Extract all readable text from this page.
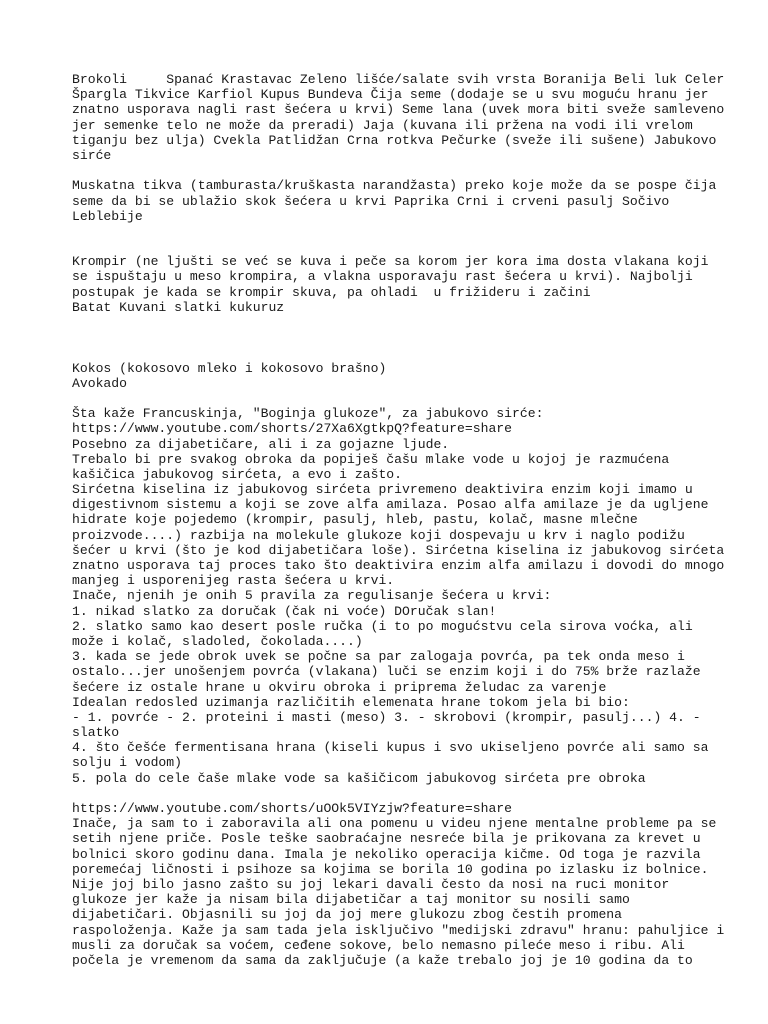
Brokoli     Spanać Krastavac Zeleno lišće/salate svih vrsta Boranija Beli luk Celer
Špargla Tikvice Karfiol Kupus Bundeva Čija seme (dodaje se u svu moguću hranu jer
znatno usporava nagli rast šećera u krvi) Seme lana (uvek mora biti sveže samleveno
jer semenke telo ne može da preradi) Jaja (kuvana ili pržena na vodi ili vrelom
tiganju bez ulja) Cvekla Patlidžan Crna rotkva Pečurke (sveže ili sušene) Jabukovo
sirće
Muskatna tikva (tamburasta/kruškasta narandžasta) preko koje može da se pospe čija
seme da bi se ublažio skok šećera u krvi Paprika Crni i crveni pasulj Sočivo
Leblebije
Krompir (ne ljušti se već se kuva i peče sa korom jer kora ima dosta vlakana koji
se ispuštaju u meso krompira, a vlakna usporavaju rast šećera u krvi). Najbolji
postupak je kada se krompir skuva, pa ohladi  u frižideru i začini
Batat Kuvani slatki kukuruz
Kokos (kokosovo mleko i kokosovo brašno)
Avokado
Šta kaže Francuskinja, "Boginja glukoze", za jabukovo sirće:
https://www.youtube.com/shorts/27Xa6XgtkpQ?feature=share
Posebno za dijabetičare, ali i za gojazne ljude.
Trebalo bi pre svakog obroka da popiješ čašu mlake vode u kojoj je razmućena
kašičica jabukovog sirćeta, a evo i zašto.
Sirćetna kiselina iz jabukovog sirćeta privremeno deaktivira enzim koji imamo u
digestivnom sistemu a koji se zove alfa amilaza. Posao alfa amilaze je da ugljene
hidrate koje pojedemo (krompir, pasulj, hleb, pastu, kolač, masne mlečne
proizvode....) razbija na molekule glukoze koji dospevaju u krv i naglo podižu
šećer u krvi (što je kod dijabetičara loše). Sirćetna kiselina iz jabukovog sirćeta
znatno usporava taj proces tako što deaktivira enzim alfa amilazu i dovodi do mnogo
manjeg i usporenijeg rasta šećera u krvi.
Inače, njenih je onih 5 pravila za regulisanje šećera u krvi:
1. nikad slatko za doručak (čak ni voće) DOručak slan!
2. slatko samo kao desert posle ručka (i to po mogućstvu cela sirova voćka, ali
može i kolač, sladoled, čokolada....)
3. kada se jede obrok uvek se počne sa par zalogaja povrća, pa tek onda meso i
ostalo...jer unošenjem povrća (vlakana) luči se enzim koji i do 75% brže razlaže
šećere iz ostale hrane u okviru obroka i priprema želudac za varenje
Idealan redosled uzimanja različitih elemenata hrane tokom jela bi bio:
- 1. povrće - 2. proteini i masti (meso) 3. - skrobovi (krompir, pasulj...) 4. -
slatko
4. što češće fermentisana hrana (kiseli kupus i svo ukiseljeno povrće ali samo sa
solju i vodom)
5. pola do cele čaše mlake vode sa kašičicom jabukovog sirćeta pre obroka
https://www.youtube.com/shorts/uOOk5VIYzjw?feature=share
Inače, ja sam to i zaboravila ali ona pomenu u videu njene mentalne probleme pa se
setih njene priče. Posle teške saobraćajne nesreće bila je prikovana za krevet u
bolnici skoro godinu dana. Imala je nekoliko operacija kičme. Od toga je razvila
poremećaj ličnosti i psihoze sa kojima se borila 10 godina po izlasku iz bolnice.
Nije joj bilo jasno zašto su joj lekari davali često da nosi na ruci monitor
glukoze jer kaže ja nisam bila dijabetičar a taj monitor su nosili samo
dijabetičari. Objasnili su joj da joj mere glukozu zbog čestih promena
raspoloženja. Kaže ja sam tada jela isključivo "medijski zdravu" hranu: pahuljice i
musli za doručak sa voćem, ceđene sokove, belo nemasno pileće meso i ribu. Ali
počela je vremenom da sama da zaključuje (a kaže trebalo joj je 10 godina da to
